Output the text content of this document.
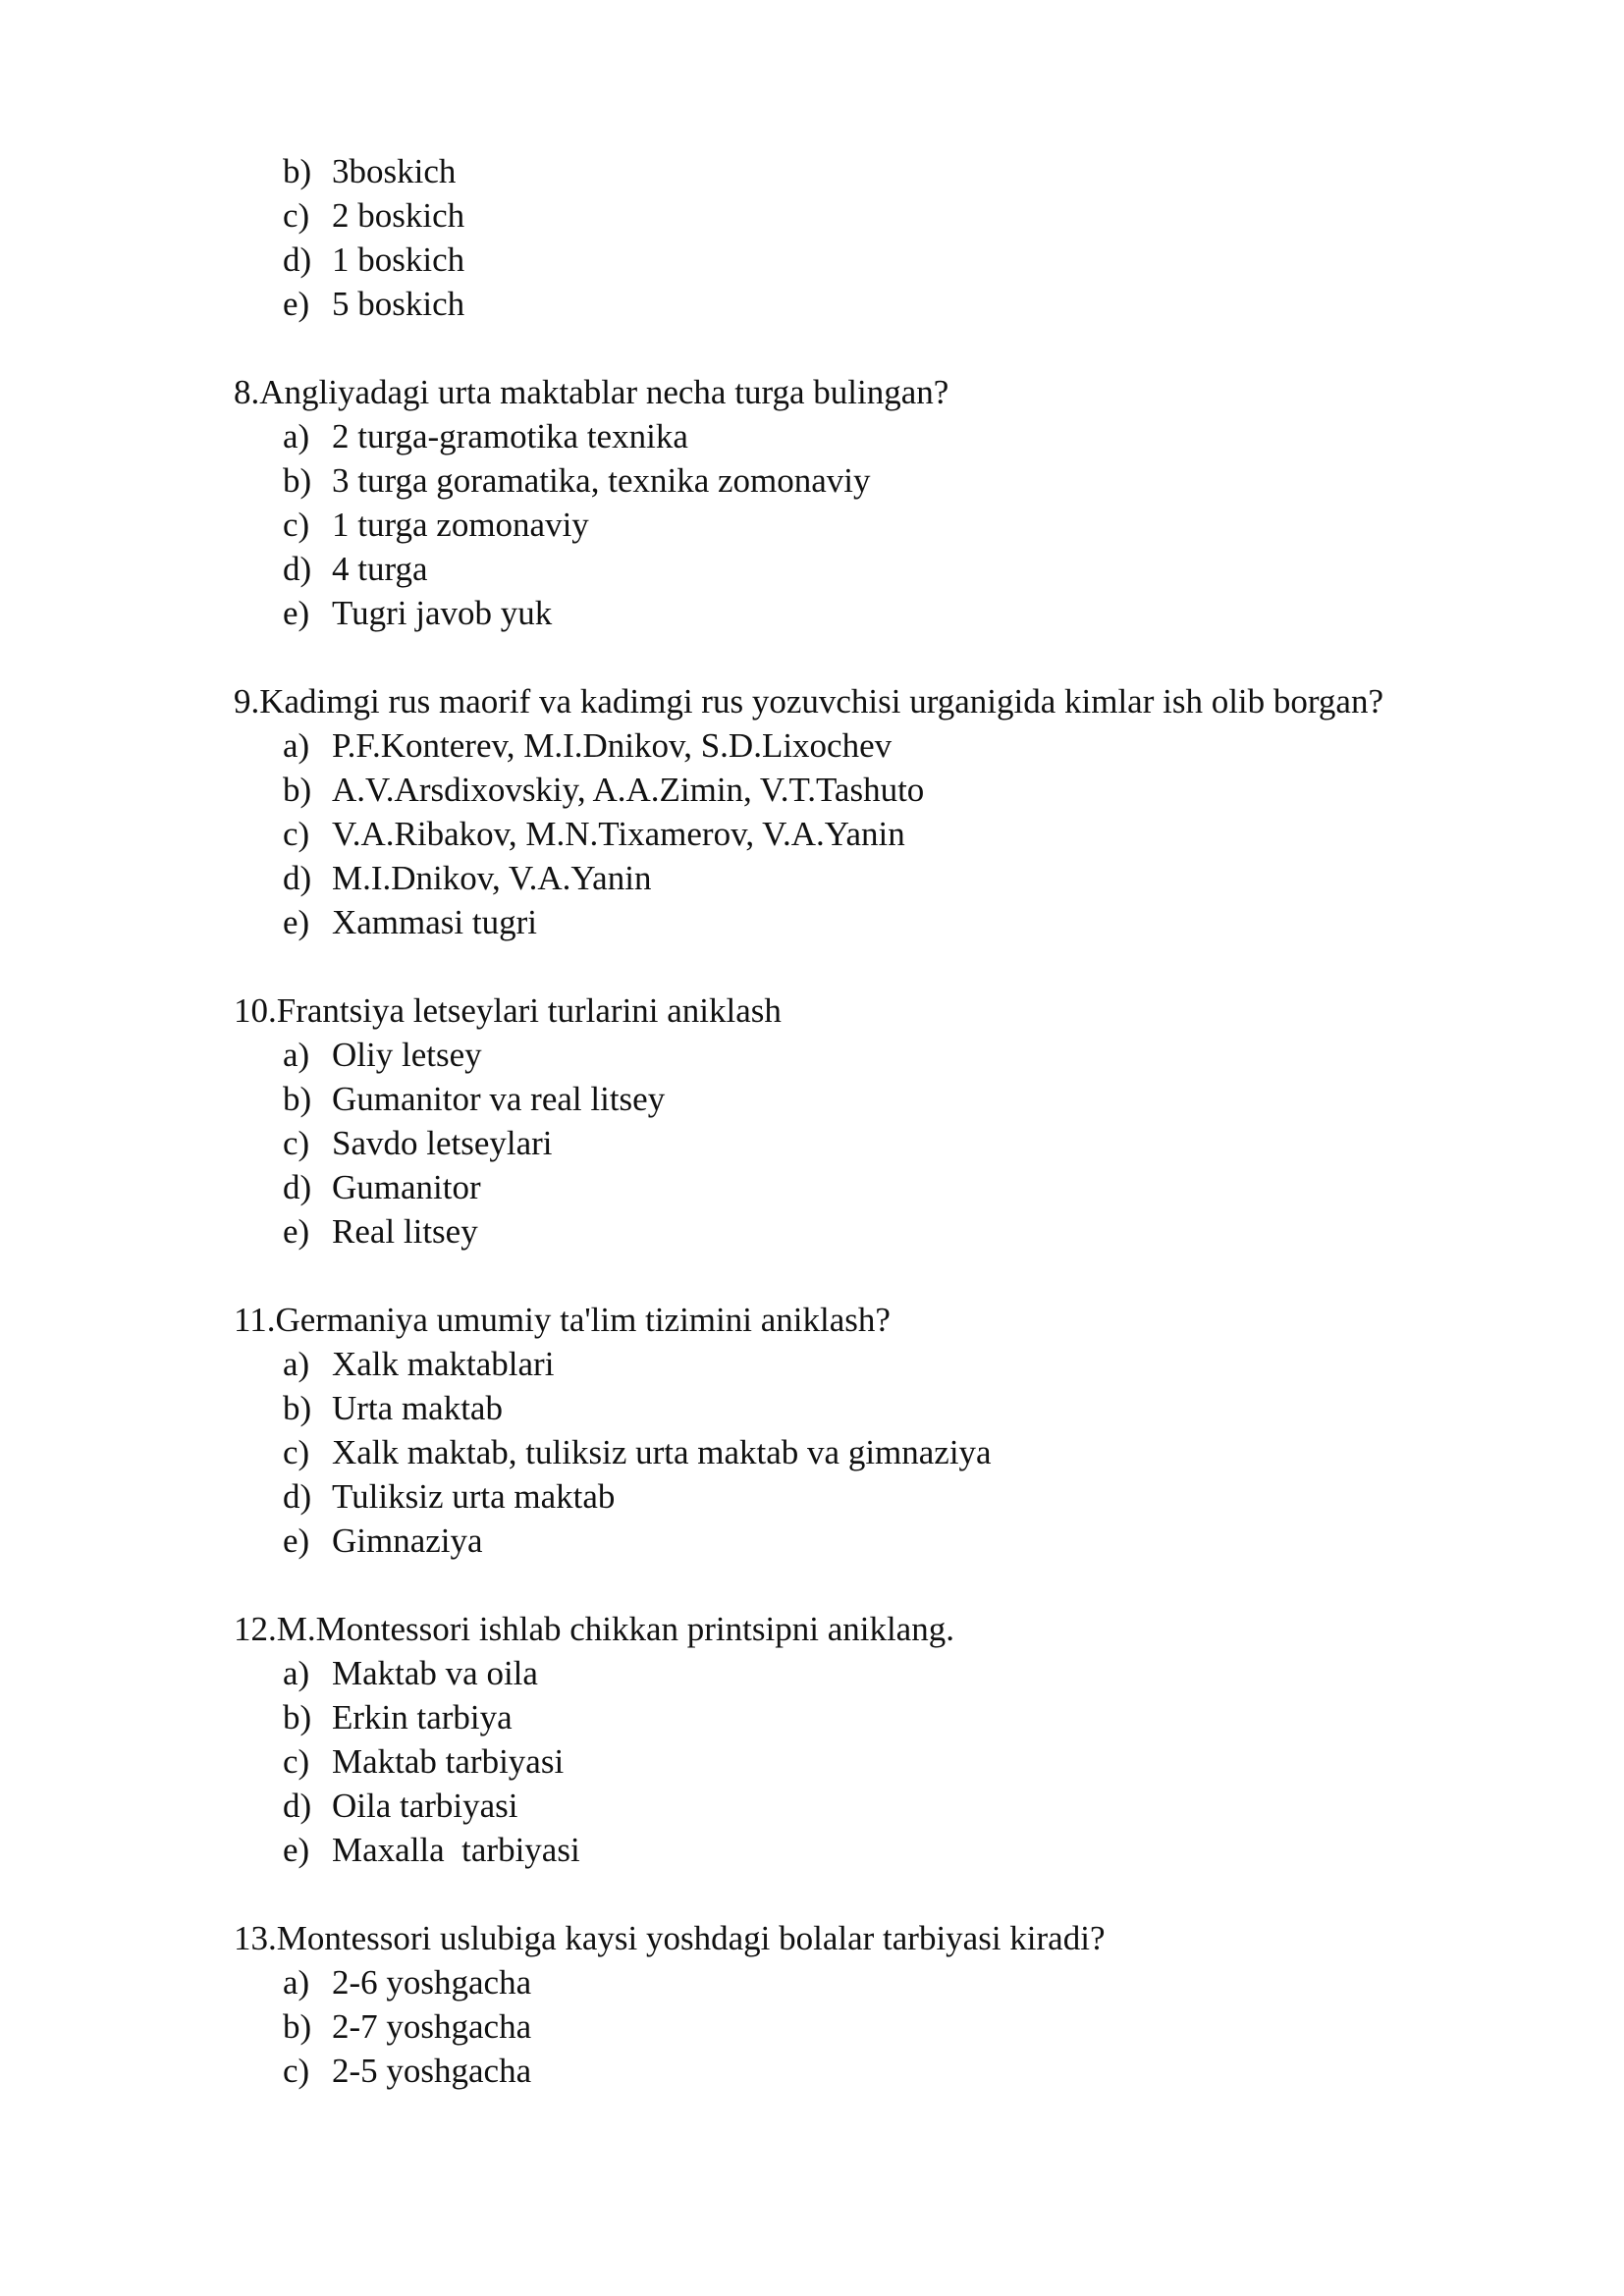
b) 3boskich
c) 2 boskich
d) 1 boskich
e) 5 boskich

8.Angliyadagi urta maktablar necha turga bulingan?

a) 2 turga-gramotika texnika
b) 3 turga goramatika, texnika zomonaviy
c) 1 turga zomonaviy
d) 4 turga
e) Tugri javob yuk

9.Kadimgi rus maorif va kadimgi rus yozuvchisi urganigida kimlar ish olib borgan?

a) P.F.Konterev, M.I.Dnikov, S.D.Lixochev
b) A.V.Arsdixovskiy, A.A.Zimin, V.T.Tashuto
c) V.A.Ribakov, M.N.Tixamerov, V.A.Yanin
d) M.I.Dnikov, V.A.Yanin
e) Xammasi tugri

10.Frantsiya letseylari turlarini aniklash

a) Oliy letsey
b) Gumanitor va real litsey
c) Savdo letseylari
d) Gumanitor
e) Real litsey

11.Germaniya umumiy ta'lim tizimini aniklash?

a) Xalk maktablari
b) Urta maktab
c) Xalk maktab, tuliksiz urta maktab va gimnaziya
d) Tuliksiz urta maktab
e) Gimnaziya

12.M.Montessori ishlab chikkan printsipni aniklang.

a) Maktab va oila
b) Erkin tarbiya
c) Maktab tarbiyasi
d) Oila tarbiyasi
e) Maxalla  tarbiyasi

13.Montessori uslubiga kaysi yoshdagi bolalar tarbiyasi kiradi?

a) 2-6 yoshgacha
b) 2-7 yoshgacha
c) 2-5 yoshgacha
